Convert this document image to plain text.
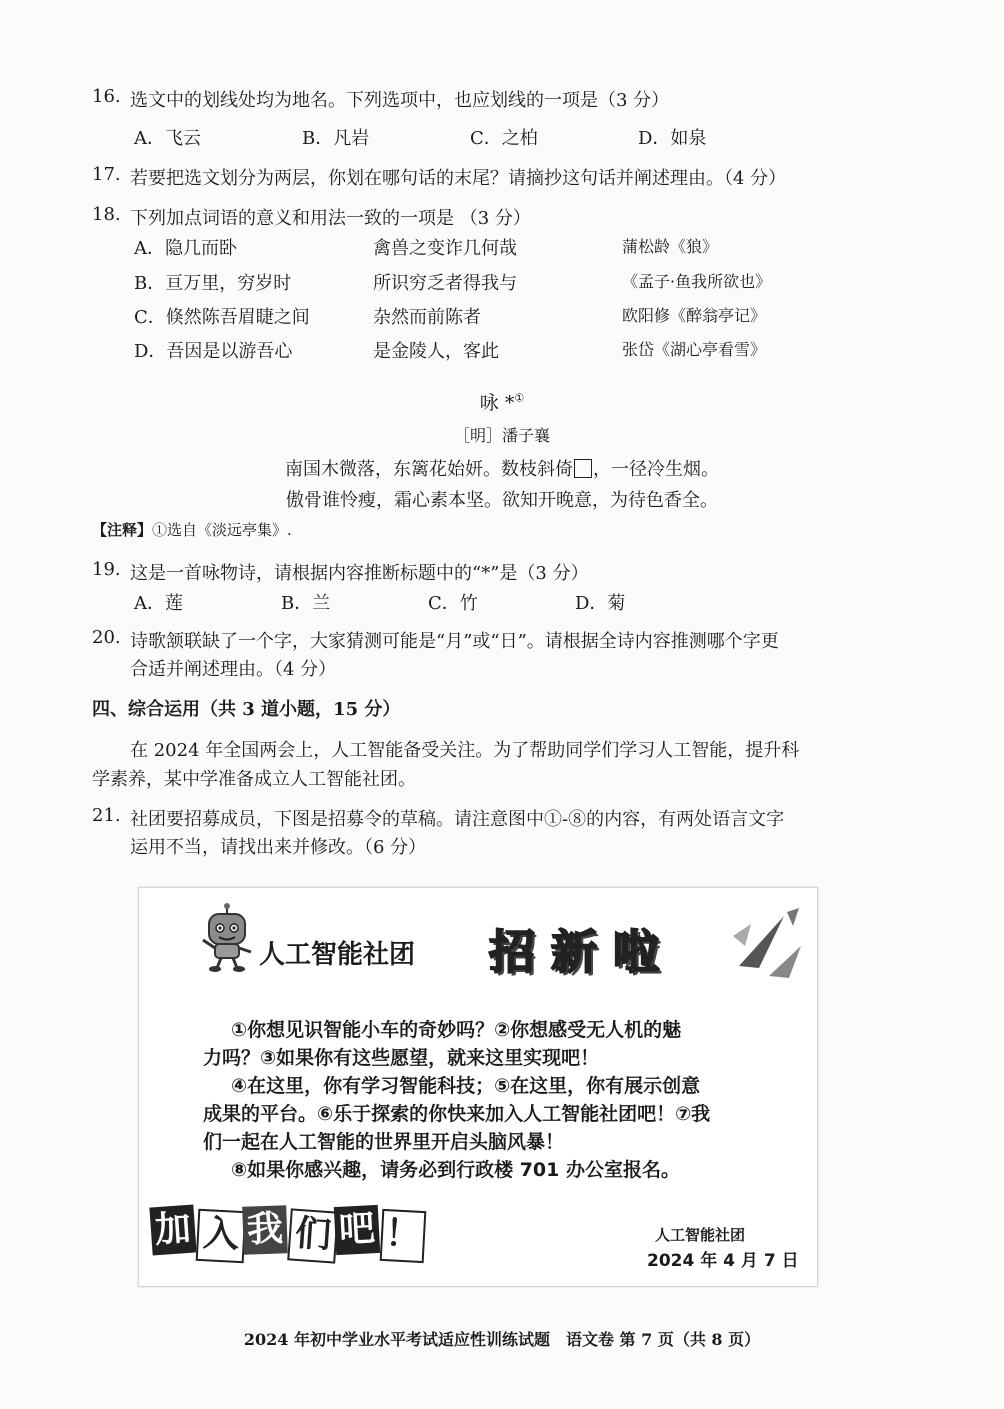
16. 选文中的划线处均为地名。下列选项中，也应划线的一项是（3 分）
A．飞云	B．凡岩	C．之柏	D．如泉
17. 若要把选文划分为两层，你划在哪句话的末尾？请摘抄这句话并阐述理由。（4 分）
18. 下列加点词语的意义和用法一致的一项是 （3 分）
A．隐几而卧	禽兽之变诈几何哉	蒲松龄《狼》
B．亘万里，穷岁时	所识穷乏者得我与	《孟子·鱼我所欲也》
C．倏然陈吾眉睫之间	杂然而前陈者	欧阳修《醉翁亭记》
D．吾因是以游吾心	是金陵人，客此	张岱《湖心亭看雪》
咏 *①
［明］潘子襄
南国木微落，东篱花始妍。数枝斜倚 ，一径冷生烟。
傲骨谁怜瘦，霜心素本坚。欲知开晚意，为待色香全。
【注释】①选自《淡远亭集》.
19. 这是一首咏物诗，请根据内容推断标题中的“*”是（3 分）
A．莲	B．兰	C．竹	D．菊
20. 诗歌颔联缺了一个字，大家猜测可能是“月”或“日”。请根据全诗内容推测哪个字更
合适并阐述理由。（4 分）
四、综合运用（共 3 道小题，15 分）
在 2024 年全国两会上，人工智能备受关注。为了帮助同学们学习人工智能，提升科
学素养，某中学准备成立人工智能社团。
21. 社团要招募成员，下图是招募令的草稿。请注意图中①-⑧的内容，有两处语言文字
运用不当，请找出来并修改。（6 分）
人工智能社团 招 新 啦
①你想见识智能小车的奇妙吗？②你想感受无人机的魅
力吗？③如果你有这些愿望，就来这里实现吧！
④在这里，你有学习智能科技；⑤在这里，你有展示创意
成果的平台。⑥乐于探索的你快来加入人工智能社团吧！⑦我
们一起在人工智能的世界里开启头脑风暴！
⑧如果你感兴趣，请务必到行政楼 701 办公室报名。
加 入 我 们 吧 ！	人工智能社团
2024 年 4 月 7 日
2024 年初中学业水平考试适应性训练试题　语文卷 第 7 页（共 8 页）
